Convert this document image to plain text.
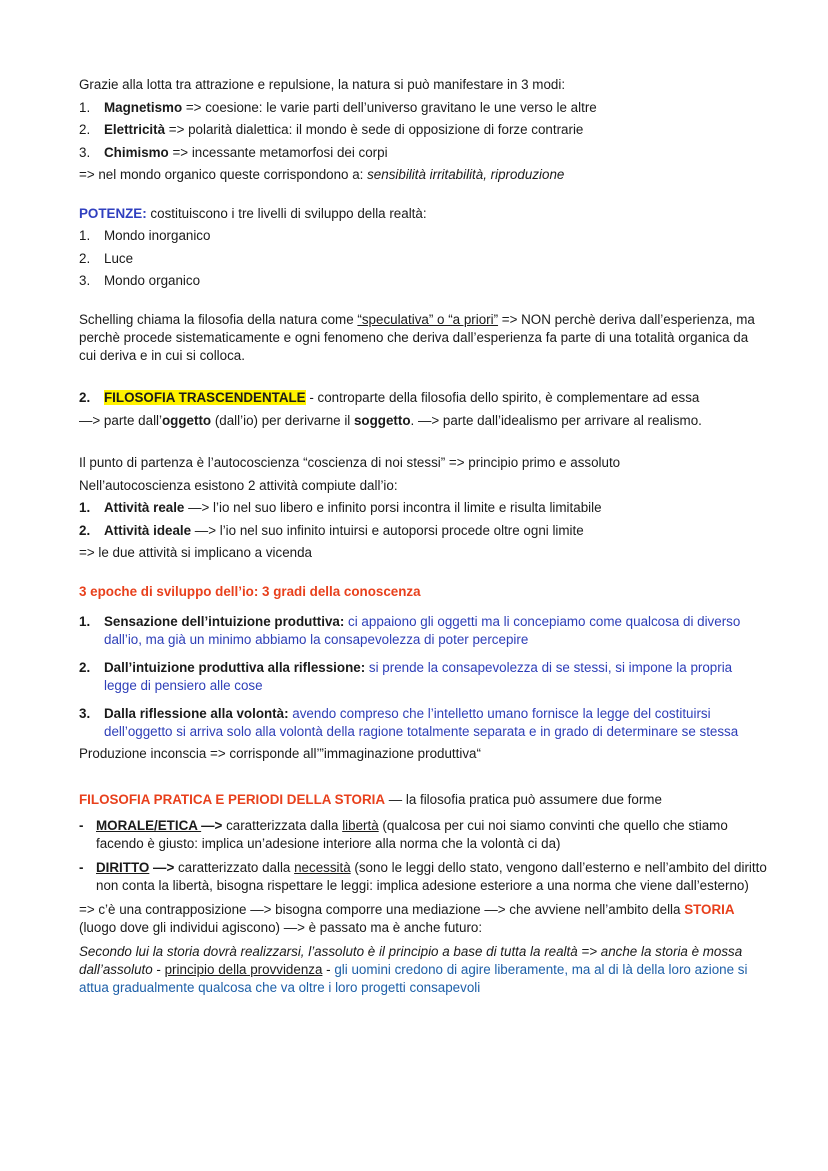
Grazie alla lotta tra attrazione e repulsione, la natura si può manifestare in 3 modi:

1. Magnetismo => coesione: le varie parti dell’universo gravitano le une verso le altre
2. Elettricità => polarità dialettica: il mondo è sede di opposizione di forze contrarie
3. Chimismo => incessante metamorfosi dei corpi

=> nel mondo organico queste corrispondono a: sensibilità irritabilità, riproduzione

POTENZE: costituiscono i tre livelli di sviluppo della realtà:

1. Mondo inorganico
2. Luce
3. Mondo organico

Schelling chiama la filosofia della natura come “speculativa” o “a priori” => NON perchè deriva dall’esperienza, ma perchè procede sistematicamente e ogni fenomeno che deriva dall’esperienza fa parte di una totalità organica da cui deriva e in cui si colloca.

2. FILOSOFIA TRASCENDENTALE - controparte della filosofia dello spirito, è complementare ad essa

—> parte dall’oggetto (dall’io) per derivarne il soggetto. —> parte dall’idealismo per arrivare al realismo.

Il punto di partenza è l’autocoscienza “coscienza di noi stessi” => principio primo e assoluto

Nell’autocoscienza esistono 2 attività compiute dall’io:

1. Attività reale —> l’io nel suo libero e infinito porsi incontra il limite e risulta limitabile
2. Attività ideale —> l’io nel suo infinito intuirsi e autoporsi procede oltre ogni limite

=> le due attività si implicano a vicenda

3 epoche di sviluppo dell’io: 3 gradi della conoscenza

1. Sensazione dell’intuizione produttiva: ci appaiono gli oggetti ma li concepiamo come qualcosa di diverso dall’io, ma già un minimo abbiamo la consapevolezza di poter percepire
2. Dall’intuizione produttiva alla riflessione: si prende la consapevolezza di se stessi, si impone la propria legge di pensiero alle cose
3. Dalla riflessione alla volontà: avendo compreso che l’intelletto umano fornisce la legge del costituirsi dell’oggetto si arriva solo alla volontà della ragione totalmente separata e in grado di determinare se stessa

Produzione inconscia => corrisponde all’”immaginazione produttiva“

FILOSOFIA PRATICA E PERIODI DELLA STORIA — la filosofia pratica può assumere due forme

- MORALE/ETICA —> caratterizzata dalla libertà (qualcosa per cui noi siamo convinti che quello che stiamo facendo è giusto: implica un’adesione interiore alla norma che la volontà ci da)
- DIRITTO —> caratterizzato dalla necessità (sono le leggi dello stato, vengono dall’esterno e nell’ambito del diritto non conta la libertà, bisogna rispettare le leggi: implica adesione esteriore a una norma che viene dall’esterno)

=> c’è una contrapposizione —> bisogna comporre una mediazione —> che avviene nell’ambito della STORIA (luogo dove gli individui agiscono) —> è passato ma è anche futuro:

Secondo lui la storia dovrà realizzarsi, l’assoluto è il principio a base di tutta la realtà => anche la storia è mossa dall’assoluto - principio della provvidenza - gli uomini credono di agire liberamente, ma al di là della loro azione si attua gradualmente qualcosa che va oltre i loro progetti consapevoli
